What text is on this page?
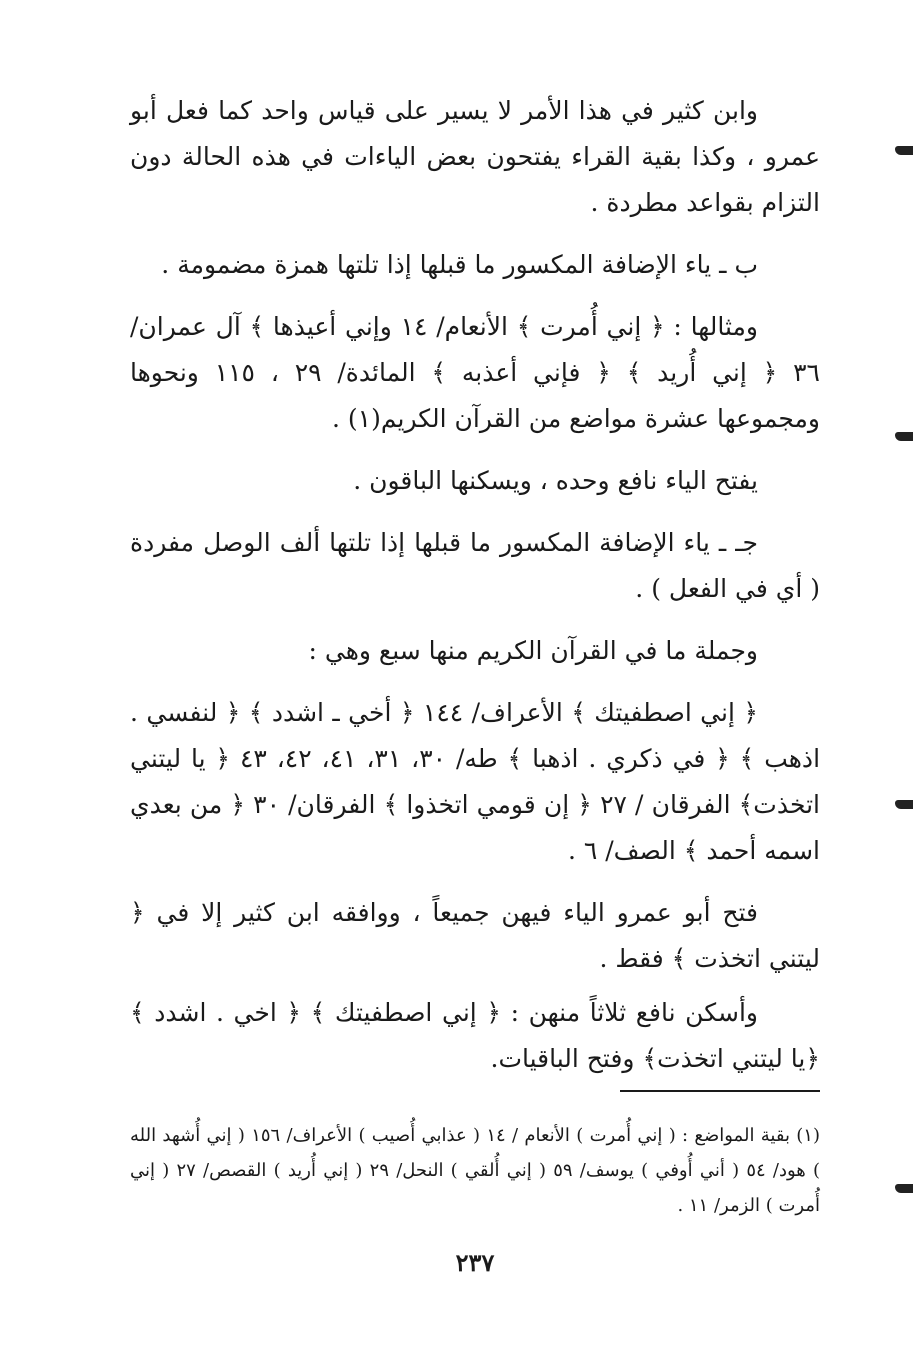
وابن كثير في هذا الأمر لا يسير على قياس واحد كما فعل أبو عمرو ، وكذا بقية القراء يفتحون بعض الياءات في هذه الحالة دون التزام بقواعد مطردة .

ب ـ ياء الإضافة المكسور ما قبلها إذا تلتها همزة مضمومة .

ومثالها : ﴿ إني أُمرت ﴾ الأنعام/ ١٤ وإني أعيذها ﴾ آل عمران/ ٣٦ ﴿ إني أُريد ﴾ ﴿ فإني أعذبه ﴾ المائدة/ ٢٩ ، ١١٥ ونحوها ومجموعها عشرة مواضع من القرآن الكريم(١) .

يفتح الياء نافع وحده ، ويسكنها الباقون .

جـ ـ ياء الإضافة المكسور ما قبلها إذا تلتها ألف الوصل مفردة ( أي في الفعل ) .

وجملة ما في القرآن الكريم منها سبع وهي :

﴿ إني اصطفيتك ﴾ الأعراف/ ١٤٤ ﴿ أخي ـ اشدد ﴾ ﴿ لنفسي . اذهب ﴾ ﴿ في ذكري . اذهبا ﴾ طه/ ٣٠، ٣١، ٤١، ٤٢، ٤٣ ﴿ يا ليتني اتخذت﴾ الفرقان / ٢٧ ﴿ إن قومي اتخذوا ﴾ الفرقان/ ٣٠ ﴿ من بعدي اسمه أحمد ﴾ الصف/ ٦ .

فتح أبو عمرو الياء فيهن جميعاً ، ووافقه ابن كثير إلا في ﴿ ليتني اتخذت ﴾ فقط .

وأسكن نافع ثلاثاً منهن : ﴿ إني اصطفيتك ﴾ ﴿ اخي . اشدد ﴾ ﴿يا ليتني اتخذت﴾ وفتح الباقيات.

(١) بقية المواضع : ( إني أُمرت ) الأنعام / ١٤ ( عذابي أُصيب ) الأعراف/ ١٥٦ ( إني أُشهد الله ) هود/ ٥٤ ( أني أُوفي ) يوسف/ ٥٩ ( إني أُلقي ) النحل/ ٢٩ ( إني أُريد ) القصص/ ٢٧ ( إني أُمرت ) الزمر/ ١١ .

٢٣٧
